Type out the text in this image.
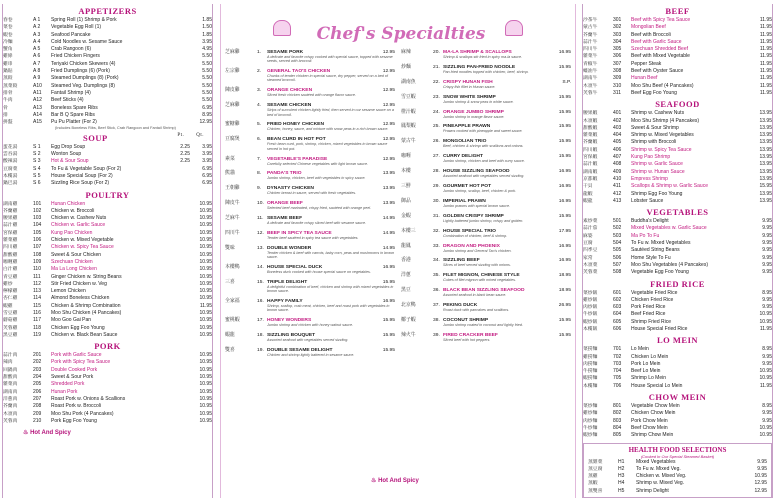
APPETIZERS
春卷	A 1	Spring Roll (1) Shrimp & Pork	1.85
菜卷	A 2	Vegetable Egg Roll (1)	1.50
蝦卷	A 3	Seafood Pancake	1.85
冷麵	A 4	Cold Noodles w. Sesame Sauce	3.95
蟹角	A 5	Crab Rangoon (6)	4.95
雞條	A 6	Fried Chicken Fingers	5.50
雞串	A 7	Teriyaki Chicken Skewers (4)	5.50
鍋貼	A 8	Fried Dumplings (6) (Pork)	5.50
蒸餃	A 9	Steamed Dumplings (8) (Pork)	5.50
蒸菜餃	A10	Steamed Veg. Dumplings (8)	5.50
排骨	A11	Fantail Shrimp (4)	5.50
牛肉	A12	Beef Sticks (4)	5.50
骨	A13	Boneless Spare Ribs	6.95
排	A14	Bar B Q Spare Ribs	8.95
拼盤	A15	Pu Pu Platter (For 2)	12.95
(Includes Boneless Ribs, Beef Stick, Crab Rangoon and Fantail Shrimp)
SOUP	Pt. Qt.
蛋花湯	S 1	Egg Drop Soup	2.25	3.95
雲吞湯	S 2	Wonton Soup	2.25	3.95
酸辣湯	S 3	Hot & Sour Soup	2.25	3.95
豆腐菜	S 4	To Fu & Vegetable Soup (For 2)	6.95
本樓湯	S 5	House Special Soup (For 2)	6.95
鍋巴湯	S 6	Sizzling Rice Soup (For 2)	6.95
POULTRY
湖南雞	101	Hunan Chicken	10.95
芥蘭雞	102	Chicken w. Broccoli	10.95
腰果雞	103	Chicken w. Cashew Nuts	10.95
蒜汁雞	104	Chicken w. Garlic Sauce	10.95
宮保雞	105	Kung Pao Chicken	10.95
雜菜雞	106	Chicken w. Mixed Vegetable	10.95
四川雞	107	Chicken w. Spicy Tea Sauce	10.95
甜酸雞	108	Sweet & Sour Chicken	10.95
咖喱雞	109	Szechuan Chicken	10.95
白汁雞	110	Ma La Long Chicken	10.95
青豆雞	111	Ginger Chicken w. String Beans	10.95
雞炒	112	Stir Fried Chicken w. Veg	10.95
檸檬雞	113	Lemon Chicken	10.95
杏仁雞	114	Almond Boneless Chicken	10.95
蝦雞	115	Chicken & Shrimp Combination	11.95
雪豆雞	116	Moo Shu Chicken (4 Pancakes)	10.95
蘑菇雞	117	Moo Goo Gai Pan	10.95
芙蓉雞	118	Chicken Egg Foo Young	10.95
黑豆雞	119	Chicken w. Black Bean Sauce	10.95
PORK
蒜汁肉	201	Pork with Garlic Sauce	10.95
辣肉	202	Pork with Spicy Tea Sauce	10.95
回鍋肉	203	Double Cooked Pork	10.95
甜酸肉	204	Sweet & Sour Pork	10.95
雜菜肉	205	Shredded Pork	10.95
湖南肉	206	Hunan Pork	10.95
洋蔥肉	207	Roast Pork w. Onions & Scallions	10.95
芥蘭肉	208	Roast Pork w. Broccoli	10.95
木須肉	209	Moo Shu Pork (4 Pancakes)	10.95
芙蓉肉	210	Pork Egg Foo Young	10.95
♨ Hot And Spicy
Chef's Specialties
芝麻雞	1.	SESAME PORK	12.95
A delicate and favorite crispy cooked with special sauce, topped with sesame seeds, served with broccoli.
左宗雞	2.	GENERAL TAO'S CHICKEN	12.95
Chunks of tender chicken in special sauce, dry pepper, served on a bed of steamed broccoli.
陳皮雞	3.	ORANGE CHICKEN	12.95
Sliced fresh chicken sautéed with orange flavor sauce.
芝麻雞	4.	SESAME CHICKEN	12.95
Strips of succulent chicken lightly fried, then served in our sesame sauce on a bed of broccoli.
蜜糖雞	5.	FRIED HONEY CHICKEN	12.95
Chicken, honey, sauce, and mixture with snow peas in a rich brown sauce.
豆腐煲	6.	BEAN CURD IN HOT POT	12.95
Fresh bean curd, pork, shrimp, chicken, mixed vegetables in brown sauce served in hot pot.
素菜	7.	VEGETABLE'S PARADISE	12.95
Carefully selected Chinese vegetables with light brown sauce.
熊貓	8.	PANDA'S TRIO	13.95
Jumbo shrimp, chicken, beef with vegetables in spicy sauce.
王朝雞	9.	DYNASTY CHICKEN	13.95
Chicken breast in sauce, served with fresh vegetables.
陳皮牛	10. ORANGE BEEF	13.95
Selected beef marinated, crispy fried, sautéed with orange peel.
芝麻牛	11. SESAME BEEF	14.95
A delicate and favorite crispy sliced beef with sesame sauce.
四川牛	12. BEEF IN SPICY TEA SAUCE	14.95
Tender beef sautéed in spicy tea sauce with vegetables.
雙味	13. DOUBLE WONDER	14.95
Tender chicken & beef with carrots, baby corn, peas and mushrooms in brown sauce.
本樓鴨	14. HOUSE SPECIAL DUCK	16.95
Boneless duck cooked with house special sauce on vegetables.
三喜	15. TRIPLE DELIGHT	15.95
A delightful combination of beef, chicken and shrimp with mixed vegetables in brown sauce.
全家福	16. HAPPY FAMILY	16.95
Shrimp, scallop, crab meat, chicken, beef and roast pork with vegetables in brown sauce.
蜜桃蝦	17. HONEY WONDERS	15.95
Jumbo shrimp and chicken with honey walnut sauce.
蝦龍	18. SIZZLING BOUQUET	15.95
Assorted seafood with vegetables served sizzling.
雙喜	19. DOUBLE SESAME DELIGHT	15.95
Chicken and shrimp lightly battered in sesame sauce.
麻辣	20. MA-LA SHRIMP & SCALLOPS	16.95
Shrimp & scallops stir fried in spicy ma-la sauce.
炒麵	21. SIZZLING PAN-FRIED NOODLE	15.95
Pan-fried noodles topped with chicken, beef, shrimp.
湖南魚	22. CRISPY HUNAN FISH	S.P.
Crispy fish fillet in Hunan sauce.
雪豆蝦	23. SNOW WHITE SHRIMP	15.95
Jumbo shrimp & snow peas in white sauce.
橙汁蝦	24. ORANGE JUMBO SHRIMP	15.95
Jumbo shrimp in orange flavor sauce.
鳳梨蝦	25. PINEAPPLE PRAWN	15.95
Prawns cooked with pineapple and sweet sauce.
蒙古牛	26. MONGOLIAN TRIO	15.95
Beef, chicken & shrimp with scallions and onions.
咖喱	27. CURRY DELIGHT	15.95
Jumbo shrimp, chicken and beef with curry sauce.
本樓	28. HOUSE SIZZLING SEAFOOD	16.95
Assorted seafood with vegetables served sizzling.
三鮮	29. GOURMET HOT POT	16.95
Jumbo shrimp, scallop, beef, chicken & pork.
御品	30. IMPERIAL PRAWN	16.95
Jumbo prawns with special brown sauce.
金蝦	31. GOLDEN CRISPY SHRIMP	15.95
Lightly battered jumbo shrimp, crispy and golden.
本樓三	32. HOUSE SPECIAL TRIO	17.95
Combination of chicken, beef & shrimp.
龍鳳	33. DRAGON AND PHOENIX	16.95
Jumbo shrimp and General Tao's chicken.
香港	34. SIZZLING BEEF	16.95
Slices of beef served sizzling with onions.
洋蔥	35. FILET MIGNON, CHINESE STYLE	18.95
Cubes of filet mignon with mixed vegetables.
黑豆	36. BLACK BEAN SIZZLING SEAFOOD	18.95
Assorted seafood in black bean sauce.
北京鴨	37. PEKING DUCK	26.95
Roast duck with pancakes and scallions.
椰子蝦	38. COCONUT SHRIMP	15.95
Jumbo shrimp coated in coconut and lightly fried.
辣火牛	39. FIRED CRACKER BEEF	15.95
Sliced beef with hot peppers.
♨ Hot And Spicy
BEEF
沙茶牛	301	Beef with Spicy Tea Sauce	11.95
蒙古牛	302	Mongolian Beef	11.95
芥蘭牛	303	Beef with Broccoli	11.95
蒜汁牛	304	Beef with Garlic Sauce	11.95
四川牛	305	Szechuan Shredded Beef	11.95
雜菜牛	306	Beef with Mixed Vegetable	11.95
青椒牛	307	Pepper Steak	11.95
蠔油牛	308	Beef with Oyster Sauce	11.95
湖南牛	309	Hunan Beef	11.95
木須牛	310	Moo Shu Beef (4 Pancakes)	11.95
芙蓉牛	311	Beef Egg Foo Young	11.95
SEAFOOD
腰果蝦	401	Shrimp w. Cashew Nuts	13.95
木須蝦	402	Moo Shu Shrimp (4 Pancakes)	13.95
甜酸蝦	403	Sweet & Sour Shrimp	13.95
雜菜蝦	404	Shrimp w. Mixed Vegetables	13.95
芥蘭蝦	405	Shrimp with Broccoli	13.95
四川蝦	406	Shrimp w. Spicy Tea Sauce	13.95
宮保蝦	407	Kung Pao Shrimp	13.95
蒜汁蝦	408	Shrimp w. Garlic Sauce	13.95
湖南蝦	409	Shrimp w. Hunan Sauce	13.95
京都蝦	410	Empress Shrimp	13.95
干貝	411	Scallops & Shrimp w. Garlic Sauce	15.95
龍蝦	412	Shrimp Egg Foo Young	13.95
蝦龍	413	Lobster Sauce	13.95
VEGETABLES
素炒菜	501	Buddha's Delight	9.95
蒜汁茄	502	Mixed Vegetables w. Garlic Sauce	9.95
麻婆	503	Ma Po To Fu	9.95
豆腐	504	To Fu w. Mixed Vegetables	9.95
四季豆	505	Sautéed String Beans	9.95
家常	506	Home Style To Fu	9.95
木須菜	507	Moo Shu Vegetables (4 Pancakes)	9.95
芙蓉菜	508	Vegetable Egg Foo Young	9.95
FRIED RICE
菜炒飯	601	Vegetable Fried Rice	8.95
雞炒飯	602	Chicken Fried Rice	9.95
肉炒飯	603	Pork Fried Rice	9.95
牛炒飯	604	Beef Fried Rice	10.95
蝦炒飯	605	Shrimp Fried Rice	10.95
本樓飯	606	House Special Fried Rice	11.95
LO MEIN
菜撈麵	701	Lo Mein	8.95
雞撈麵	702	Chicken Lo Mein	9.95
肉撈麵	703	Pork Lo Mein	9.95
牛撈麵	704	Beef Lo Mein	10.95
蝦撈麵	705	Shrimp Lo Mein	10.95
本樓麵	706	House Special Lo Mein	11.95
CHOW MEIN
菜炒麵	801	Vegetable Chow Mein	8.95
雞炒麵	802	Chicken Chow Mein	9.95
肉炒麵	803	Pork Chow Mein	9.95
牛炒麵	804	Beef Chow Mein	10.95
蝦炒麵	805	Shrimp Chow Mein	10.95
HEALTH FOOD SELECTIONS
(Cooked In Our Special Steamed Basket)
蒸雜菜	H1	Mixed Vegetables	9.95
蒸豆腐	H2	To Fu w. Mixed Veg.	9.95
蒸雞	H3	Chicken w. Mixed Veg.	10.95
蒸蝦	H4	Shrimp w. Mixed Veg.	12.95
蒸雙喜	H5	Shrimp Delight	12.95
